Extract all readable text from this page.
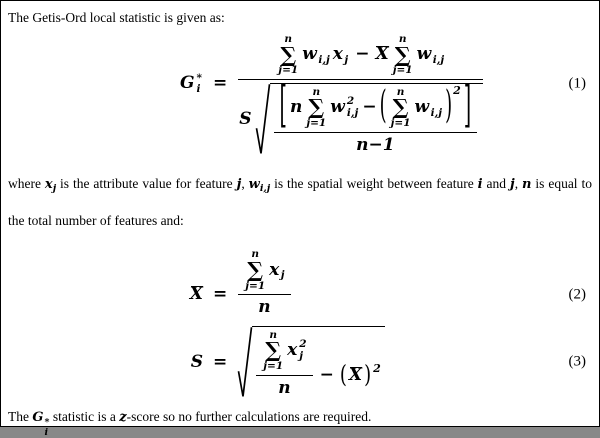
The Getis-Ord local statistic is given as:

G *
i =
n
∑
j=1
w i,j x j − X
n
∑
j=1
w i,j
S [ n
n
∑
j=1
w 2
i,j − ( n
∑
j=1
w i,j ) 2 ]
n−1
(1)

where $x_j$ is the attribute value for feature j, $w_{i,j}$ is the spatial weight between feature i and j, n is equal to the total number of features and:

X = n
∑
j=1
x j
n	(2)
S =
n
∑
j=1
x 2
j
n
− ( X ) 2	(3)

The G *
i
statistic is a z-score so no further calculations are required.
